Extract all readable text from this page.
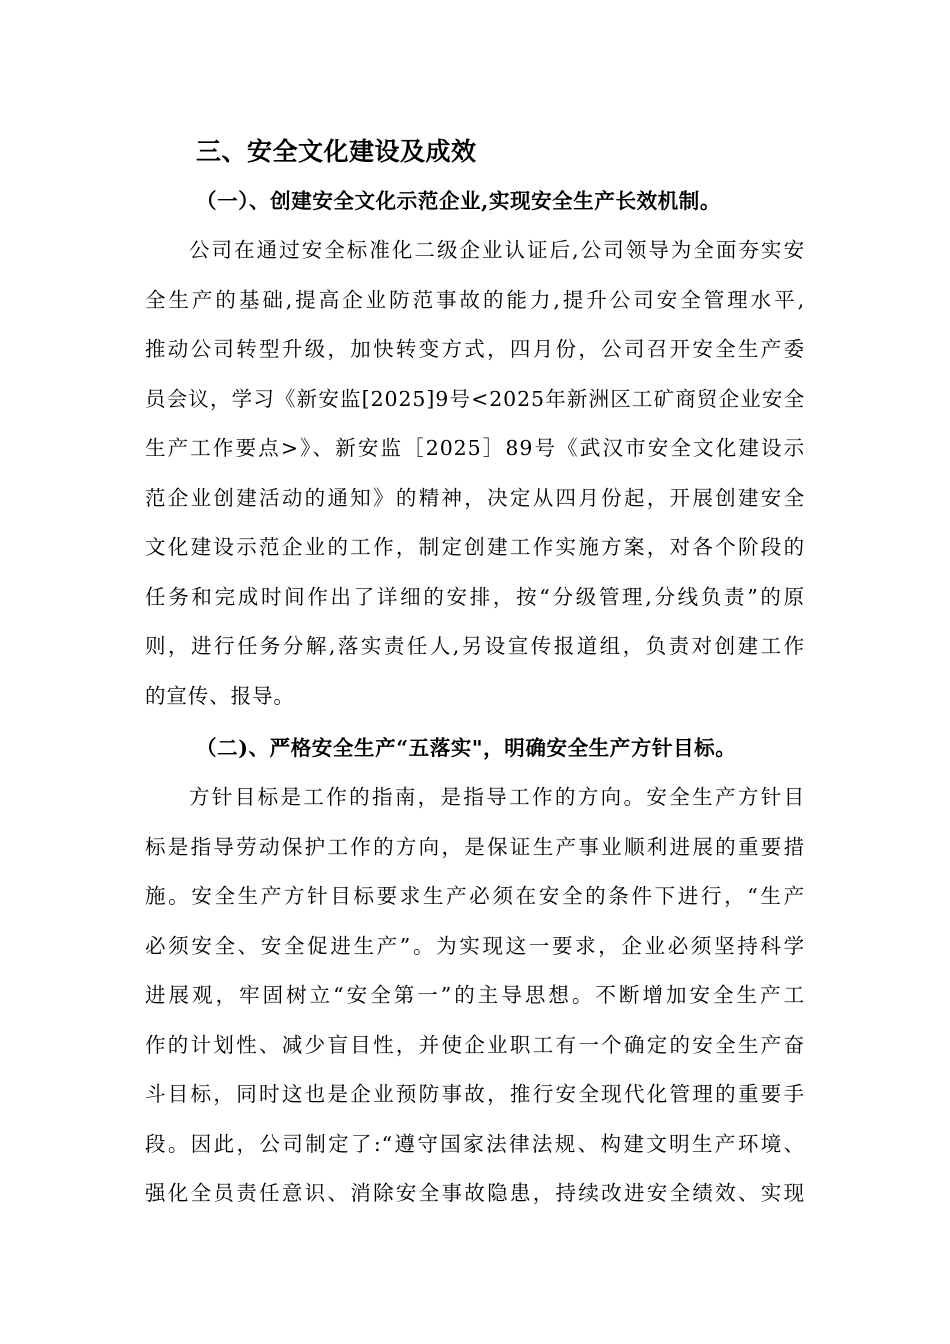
三、安全文化建设及成效
（一）、创建安全文化示范企业,实现安全生产长效机制。
公司在通过安全标准化二级企业认证后,公司领导为全面夯实安
全生产的基础,提高企业防范事故的能力,提升公司安全管理水平,
推动公司转型升级，加快转变方式，四月份，公司召开安全生产委
员会议，学习《新安监[2025]9号<2025年新洲区工矿商贸企业安全
生产工作要点>》、新安监［2025］89号《武汉市安全文化建设示
范企业创建活动的通知》的精神，决定从四月份起，开展创建安全
文化建设示范企业的工作，制定创建工作实施方案，对各个阶段的
任务和完成时间作出了详细的安排，按“分级管理,分线负责”的原
则，进行任务分解,落实责任人,另设宣传报道组，负责对创建工作
的宣传、报导。
（二)、严格安全生产“五落实"，明确安全生产方针目标。
方针目标是工作的指南，是指导工作的方向。安全生产方针目
标是指导劳动保护工作的方向，是保证生产事业顺利进展的重要措
施。安全生产方针目标要求生产必须在安全的条件下进行，“生产
必须安全、安全促进生产”。为实现这一要求，企业必须坚持科学
进展观，牢固树立“安全第一”的主导思想。不断增加安全生产工
作的计划性、减少盲目性，并使企业职工有一个确定的安全生产奋
斗目标，同时这也是企业预防事故，推行安全现代化管理的重要手
段。因此，公司制定了:“遵守国家法律法规、构建文明生产环境、
强化全员责任意识、消除安全事故隐患，持续改进安全绩效、实现
